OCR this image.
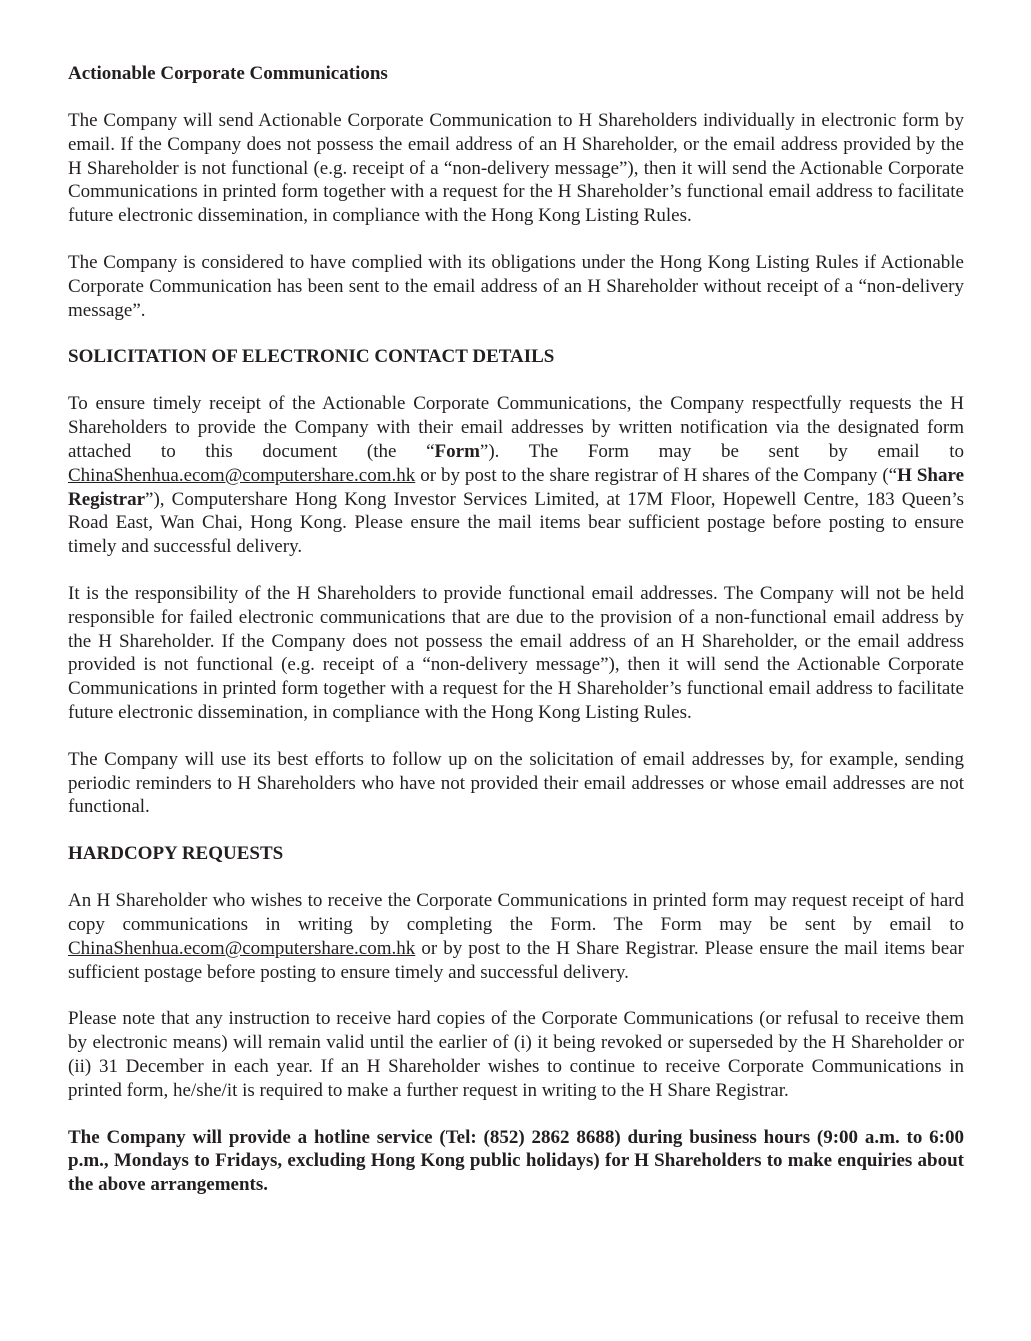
Actionable Corporate Communications

The Company will send Actionable Corporate Communication to H Shareholders individually in electronic form by email. If the Company does not possess the email address of an H Shareholder, or the email address provided by the H Shareholder is not functional (e.g. receipt of a “non-delivery message”), then it will send the Actionable Corporate Communications in printed form together with a request for the H Shareholder’s functional email address to facilitate future electronic dissemination, in compliance with the Hong Kong Listing Rules.

The Company is considered to have complied with its obligations under the Hong Kong Listing Rules if Actionable Corporate Communication has been sent to the email address of an H Shareholder without receipt of a “non-delivery message”.

SOLICITATION OF ELECTRONIC CONTACT DETAILS

To ensure timely receipt of the Actionable Corporate Communications, the Company respectfully requests the H Shareholders to provide the Company with their email addresses by written notification via the designated form attached to this document (the “Form”). The Form may be sent by email to ChinaShenhua.ecom@computershare.com.hk or by post to the share registrar of H shares of the Company (“H Share Registrar”), Computershare Hong Kong Investor Services Limited, at 17M Floor, Hopewell Centre, 183 Queen’s Road East, Wan Chai, Hong Kong. Please ensure the mail items bear sufficient postage before posting to ensure timely and successful delivery.

It is the responsibility of the H Shareholders to provide functional email addresses. The Company will not be held responsible for failed electronic communications that are due to the provision of a non-functional email address by the H Shareholder. If the Company does not possess the email address of an H Shareholder, or the email address provided is not functional (e.g. receipt of a “non-delivery message”), then it will send the Actionable Corporate Communications in printed form together with a request for the H Shareholder’s functional email address to facilitate future electronic dissemination, in compliance with the Hong Kong Listing Rules.

The Company will use its best efforts to follow up on the solicitation of email addresses by, for example, sending periodic reminders to H Shareholders who have not provided their email addresses or whose email addresses are not functional.

HARDCOPY REQUESTS

An H Shareholder who wishes to receive the Corporate Communications in printed form may request receipt of hard copy communications in writing by completing the Form. The Form may be sent by email to ChinaShenhua.ecom@computershare.com.hk or by post to the H Share Registrar. Please ensure the mail items bear sufficient postage before posting to ensure timely and successful delivery.

Please note that any instruction to receive hard copies of the Corporate Communications (or refusal to receive them by electronic means) will remain valid until the earlier of (i) it being revoked or superseded by the H Shareholder or (ii) 31 December in each year. If an H Shareholder wishes to continue to receive Corporate Communications in printed form, he/she/it is required to make a further request in writing to the H Share Registrar.

The Company will provide a hotline service (Tel: (852) 2862 8688) during business hours (9:00 a.m. to 6:00 p.m., Mondays to Fridays, excluding Hong Kong public holidays) for H Shareholders to make enquiries about the above arrangements.
